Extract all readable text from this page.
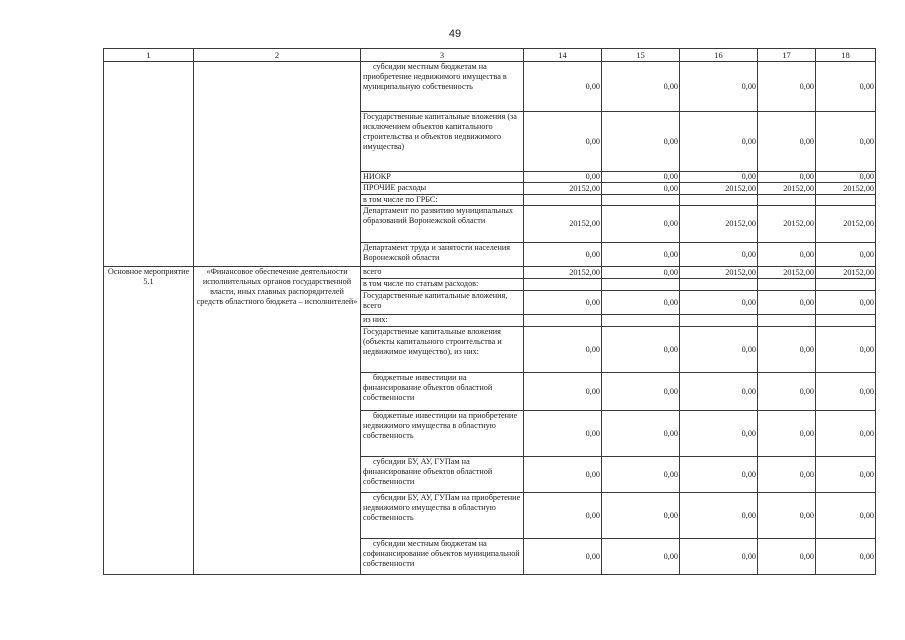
49
1	2	3	14	15	16	17	18
		субсидии местным бюджетам на приобретение недвижимого имущества в муниципальную собственность	0,00	0,00	0,00	0,00	0,00
		Государственные капитальные вложения (за исключением объектов капитального строительства и объектов недвижимого имущества)	0,00	0,00	0,00	0,00	0,00
		НИОКР	0,00	0,00	0,00	0,00	0,00
		ПРОЧИЕ расходы	20152,00	0,00	20152,00	20152,00	20152,00
		в том числе по ГРБС:					
		Департамент по развитию муниципальных образований Воронежской области	20152,00	0,00	20152,00	20152,00	20152,00
		Департамент труда и занятости населения Воронежской области	0,00	0,00	0,00	0,00	0,00
Основное мероприятие 5.1	«Финансовое обеспечение деятельности исполнительных органов государственной власти, иных главных распорядителей средств областного бюджета – исполнителей»	всего	20152,00	0,00	20152,00	20152,00	20152,00
		в том числе по статьям расходов:					
		Государственные капитальные вложения, всего	0,00	0,00	0,00	0,00	0,00
		из них:					
		Государственые капитальные вложения (объекты капитального строительства и недвижимое имущество), из них:	0,00	0,00	0,00	0,00	0,00
		бюджетные инвестиции на финансирование объектов областной собственности	0,00	0,00	0,00	0,00	0,00
		бюджетные инвестиции на приобретение недвижимого имущества в областную собственность	0,00	0,00	0,00	0,00	0,00
		субсидии БУ, АУ, ГУПам на финансирование объектов областной собственности	0,00	0,00	0,00	0,00	0,00
		субсидии БУ, АУ, ГУПам на приобретение недвижимого имущества в областную собственность	0,00	0,00	0,00	0,00	0,00
		субсидии местным бюджетам на софинансирование объектов муниципальной собственности	0,00	0,00	0,00	0,00	0,00
